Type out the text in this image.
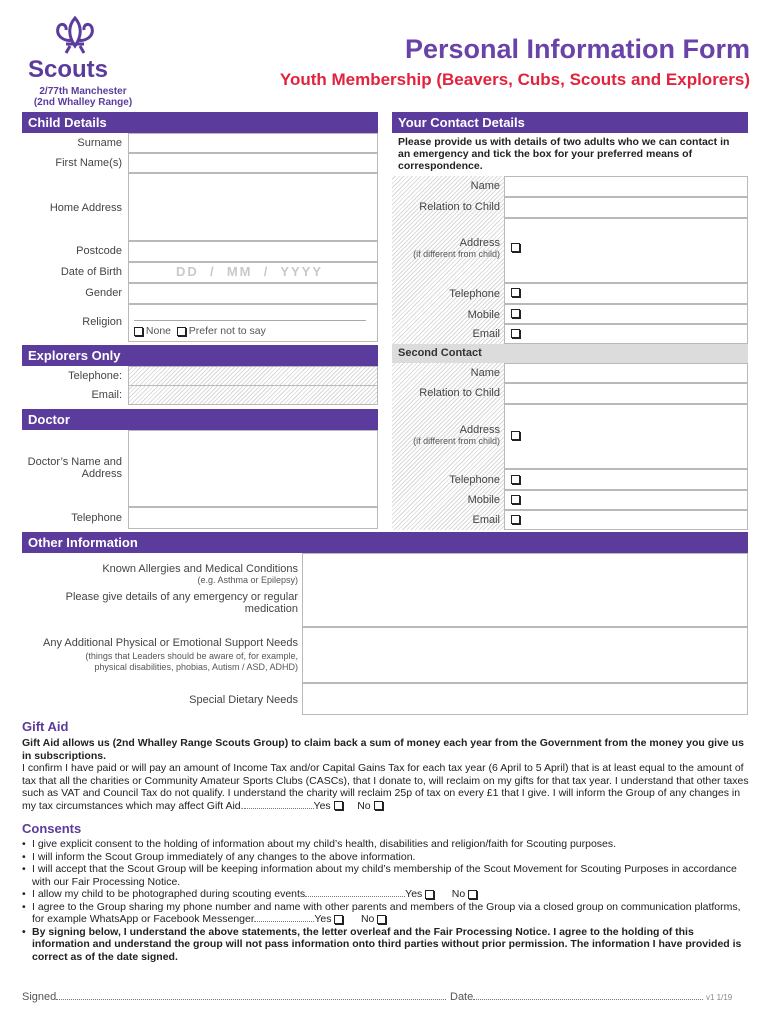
Scouts
2/77th Manchester
(2nd Whalley Range)
Personal Information Form
Youth Membership (Beavers, Cubs, Scouts and Explorers)
Child Details
Surname
First Name(s)
Home Address
Postcode
Date of Birth	DD  /  MM  /  YYYY
Gender
Religion
None Prefer not to say
Explorers Only
Telephone:
Email:
Doctor
Doctor’s Name and Address
Telephone
Your Contact Details
Please provide us with details of two adults who we can contact in an emergency and tick the box for your preferred means of correspondence.
Name
Relation to Child
Address
(if different from child)
Telephone
Mobile
Email
Second Contact
Name
Relation to Child
Address
(if different from child)
Telephone
Mobile
Email
Other Information
Known Allergies and Medical Conditions
(e.g. Asthma or Epilepsy)
Please give details of any emergency or regular medication
Any Additional Physical or Emotional Support Needs
(things that Leaders should be aware of, for example, physical disabilities, phobias, Autism / ASD, ADHD)
Special Dietary Needs
Gift Aid
Gift Aid allows us (2nd Whalley Range Scouts Group) to claim back a sum of money each year from the Government from the money you give us in subscriptions.
I confirm I have paid or will pay an amount of Income Tax and/or Capital Gains Tax for each tax year (6 April to 5 April) that is at least equal to the amount of tax that all the charities or Community Amateur Sports Clubs (CASCs), that I donate to, will reclaim on my gifts for that tax year. I understand that other taxes such as VAT and Council Tax do not qualify. I understand the charity will reclaim 25p of tax on every £1 that I give. I will inform the Group of any changes in my tax circumstances which may affect Gift Aid.	Yes	No
Consents
• I give explicit consent to the holding of information about my child’s health, disabilities and religion/faith for Scouting purposes.
• I will inform the Scout Group immediately of any changes to the above information.
• I will accept that the Scout Group will be keeping information about my child’s membership of the Scout Movement for Scouting Purposes in accordance with our Fair Processing Notice.
• I allow my child to be photographed during scouting events	Yes	No
• I agree to the Group sharing my phone number and name with other parents and members of the Group via a closed group on communication platforms, for example WhatsApp or Facebook Messenger	Yes	No
• By signing below, I understand the above statements, the letter overleaf and the Fair Processing Notice. I agree to the holding of this information and understand the group will not pass information onto third parties without prior permission. The information I have provided is correct as of the date signed.
Signed	Date	v1 1/19
